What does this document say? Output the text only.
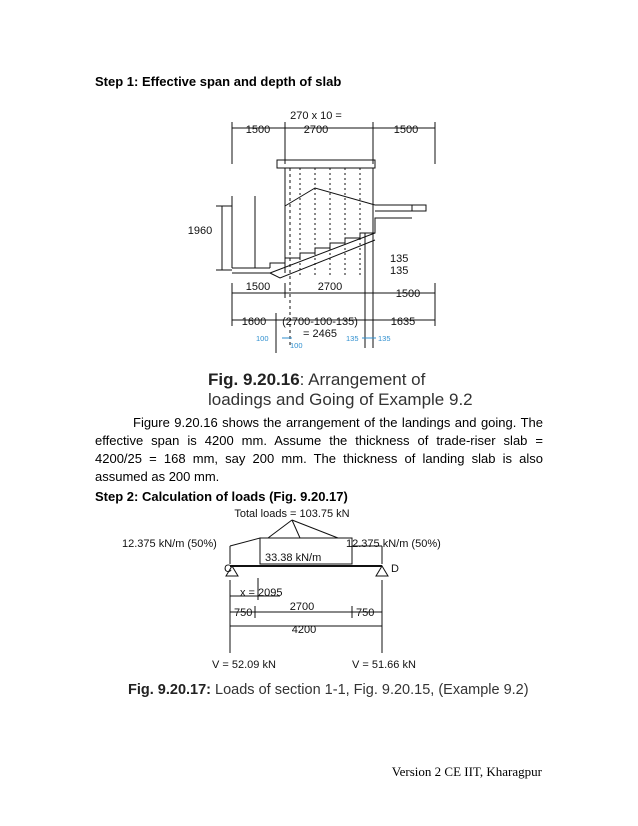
Step 1: Effective span and depth of slab
270 x 10 =
2700
1500	1500
1960
135
135
1500	2700
1500
1600 (2700-100-135)
= 2465
1635
100
100
135	135
Fig. 9.20.16: Arrangement of
loadings and Going of Example 9.2
Figure 9.20.16 shows the arrangement of the landings and going. The effective span is 4200 mm. Assume the thickness of trade-riser slab = 4200/25 = 168 mm, say 200 mm. The thickness of landing slab is also assumed as 200 mm.
Step 2: Calculation of loads (Fig. 9.20.17)
Total loads = 103.75 kN
12.375 kN/m (50%)	12.375 kN/m (50%)
33.38 kN/m
C	D
x = 2095
750	2700	750
4200
V = 52.09 kN	V = 51.66 kN
Fig. 9.20.17: Loads of section 1-1, Fig. 9.20.15, (Example 9.2)
Version 2 CE IIT, Kharagpur
